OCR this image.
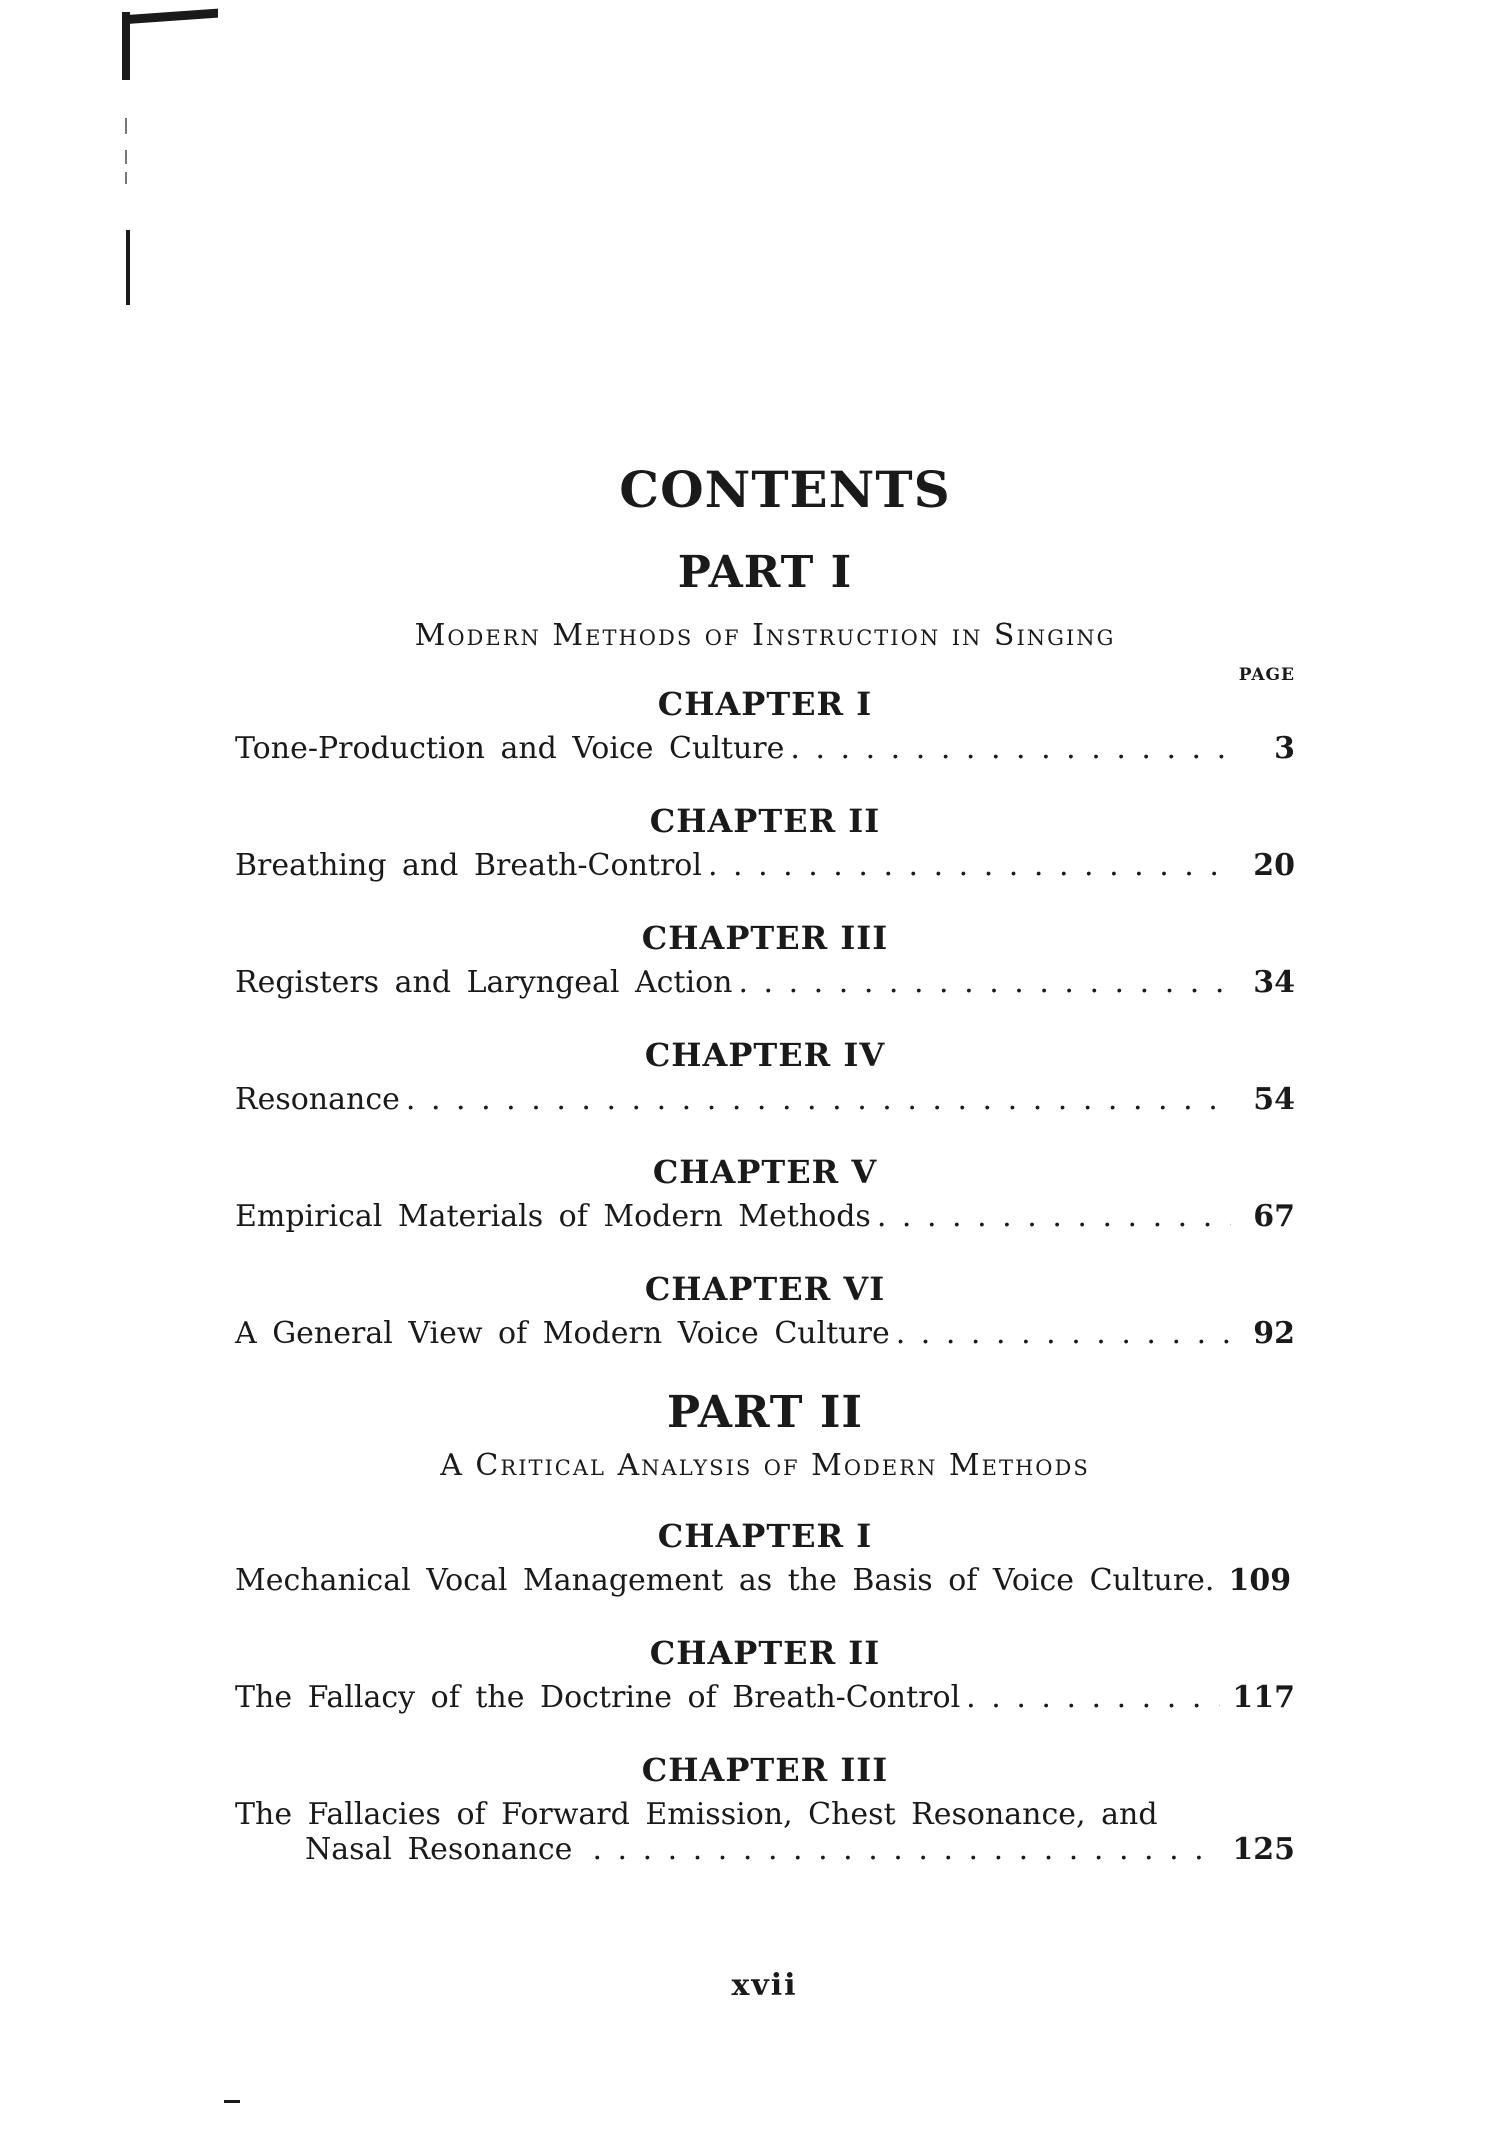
CONTENTS
PART I

Modern Methods of Instruction in Singing

PAGE

CHAPTER I
Tone-Production and Voice Culture . . .	3
CHAPTER II
Breathing and Breath-Control . . .	20
CHAPTER III
Registers and Laryngeal Action . . .	34
CHAPTER IV
Resonance . . .	54
CHAPTER V
Empirical Materials of Modern Methods . . .	67
CHAPTER VI
A General View of Modern Voice Culture . . .	92
PART II

A Critical Analysis of Modern Methods

CHAPTER I
Mechanical Vocal Management as the Basis of Voice Culture. 109
CHAPTER II
The Fallacy of the Doctrine of Breath-Control . . .	117
CHAPTER III
The Fallacies of Forward Emission, Chest Resonance, and
Nasal Resonance . . .	125
xvii
